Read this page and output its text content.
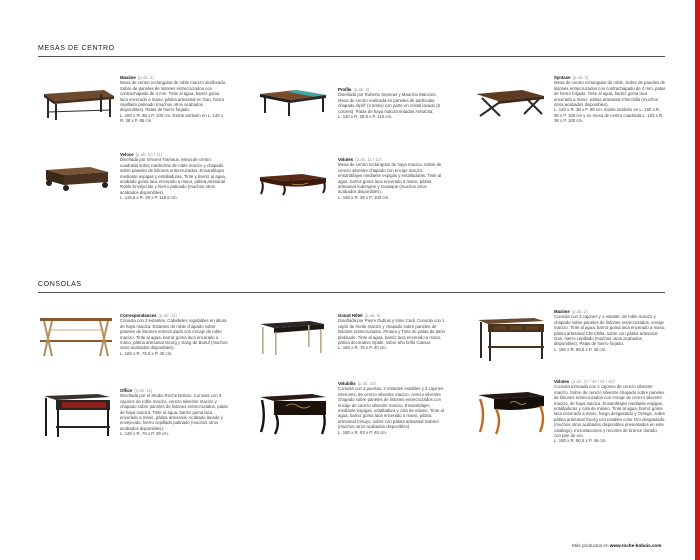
MESAS DE CENTRO
Maxime (p.ab. 2)
Mesa de centro rectangular de roble macizo desflorado. Sobre de paneles de listones entrecruzados con contrachapado de 4 mm. Tinte al agua, barniz goma laca encerado a mano, pátina artesanal en Gan, hierro cepillado patinado (muchos otros acabados disponibles). Patas de hierro forjado.
L. 160 x R. 38 x P. 100 cm. Existe también en L. 140 x R. 38 x P. 85 cm.
Profile (p.ab. 4)
Diseñada por Roberto Sepreas y Maurizio Manzoni. Mesa de centro realizada en paneles de partículas, chapado Alpi® (4 tintes) con parte en cristal lacado (5 colores). Patas de haya maciza tintadas Antracita.
L. 110 x R. 28,5 x P. 110 cm.
Syntaxe (p.ab. 2)
Mesa de centro rectangular de roble. Sobre de paneles de listones entrecruzados con contrachapado de 4 mm, patas de hierro forjado. Tinte al agua, barniz goma laca encerado a mano, pátina artesanal Chinchilla (muchos otros acabados disponibles).
L. 140 x R. 38 x P. 80 cm. Existe también en L. 160 x R. 38 x P. 100 cm y en mesa de centro cuadrada L. 103 x R. 38 x P. 100 cm.
Veloce (p.ab. 10 / 11)
Diseñada por Vincent Tramaux. Mesa de centro cuadrada sobre ruedecitas de roble macizo y chapado sobre paneles de listones entrecruzados. Ensamblajes mediante espigas y entalladuras. Tinte y barniz al agua, acabado goma laca encerado a mano, pátina artesanal Roble Envejecido y hierro patinado (muchos otros acabados disponibles).
L. 119,5 x R. 29 x P. 119,5 cm.
Volutes (p.ab. 11 / 13)
Mesa de centro rectangular de haya maciza. Sobre de cerezo silvestre chapado con encaje macizo, ensamblajes mediante espigas y entalladuras. Tinte al agua, barniz goma laca encerado a mano, pátina artesanal Aubergine y Guasque (muchos otros acabados disponibles).
L. 150 x R. 38 x P. 100 cm.
CONSOLAS
Correspondances (p.ab. 12)
Consola con 2 estantes. Caballetes regulables en altura de haya maciza. Estantes de roble chapado sobre paneles de listones entrecruzado con encaje de roble macizo. Tinte al agua, barniz goma laca encerado a mano, pátina artesanal Georg y Sang de Boeuf (muchos otros acabados disponibles).
L. 160 x R. 75,5 x P. 40 cm.
Grand Hôtel (p.ab. 5)
Diseñada por Pierre Dubois y Ionie Cadi. Consola con 1 cajón de frente macizo y chapado sobre paneles de listones entrecruzados. Pintura y Tinte de patas de latón platinado. Tinte al agua, barniz laca encerado a mano, pátina decorativo Opale, sobre año brillo Caesar.
L. 160 x R. 76 x P. 40 cm.
Maxime (p.ab. 2)
Consola con 3 cajones y 1 estante, de roble macizo y chapado sobre paneles de listones entrecruzados, encaje macizo. Tinte al agua, barniz goma laca encerado a mano, pátina artesanal Chinchilla, sobre con pátina artesanal Gan, hierro cepillado (muchos otros acabados disponibles). Patas de hierro forjado.
L. 150 x R. 80,5 x P. 40 cm.
Office (p.ab. 11)
Diseñada por el Studio Roche Bobois. Consola con 3 cajones de roble macizo, cerezo silvestre macizo y chapado sobre paneles de listones entrecruzados, patas de haya maciza. Tinte al agua, barniz goma laca encerado a mano, pátina artesanal. Acabado lacado y envejecido, hierro cepillado patinado (muchos otros acabados disponibles).
L. 120 x R. 75 x P. 39 cm.
Volubilis (p.ab. 10)
Consola con 2 puertas, 2 estantes estables y 2 cajones interiores, de cerezo silvestre macizo, cerezo silvestre chapado sobre paneles de listones entrecruzados con encaje de cerezo silvestre macizo. Ensamblajes mediante espigas, entalladura y cola de milano. Tinte al agua, barniz goma laca encerado a mano, pátina artesanal Cirtuyo, sobre con pátina artesanal Gabriel (muchos otros acabados disponibles).
L. 180 x R. 83 x P. 45 cm.
Volutes (p.ab. 47 / 48 / 61 / 62)
Consola torneada con 2 cajones de cerezo silvestre macizo. Sobre de cerezo silvestre chapado sobre paneles de listones entrecruzados con encaje de cerezo silvestre macizo, de haya maciza. Ensamblajes mediante espigas, entalladuras y cola de milano. Tinte al agua, barniz goma laca encerado a mano, fuego desgastado y Orange, sobre pátina artesanal Georg con resaltes color Oro desgastado (muchos otros acabados disponibles presentados en este catálogo). Incrustaciones y recortes de bronce dorado, con pan de oro.
L. 160 x R. 80,5 x P. 46 cm.
Más productos en www.roche-bobois.com
